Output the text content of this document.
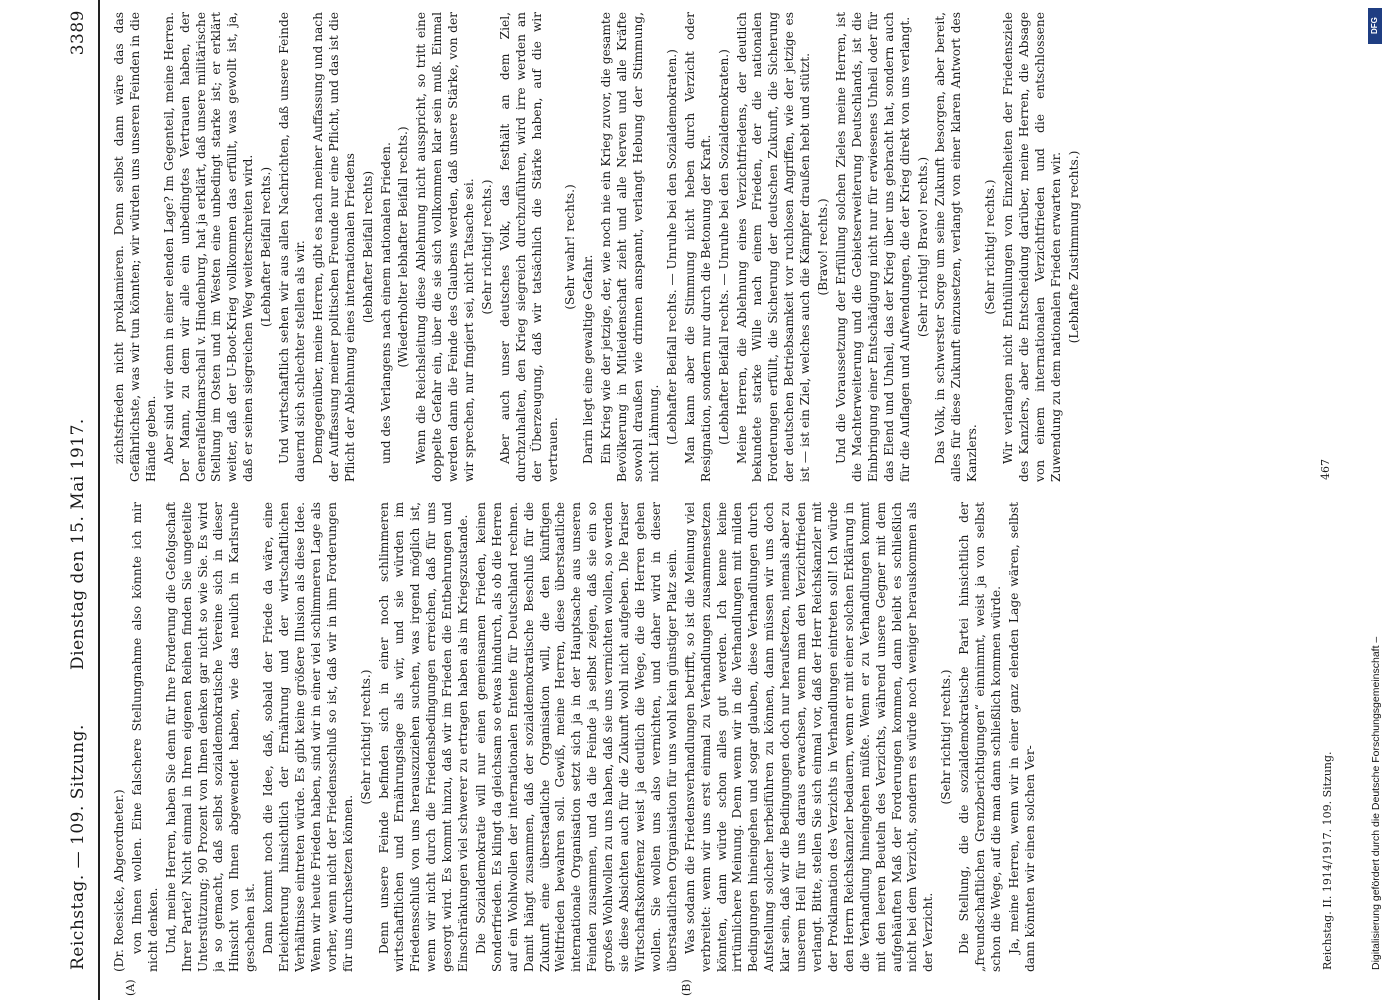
Reichstag. — 109. Sitzung.
Dienstag den 15. Mai 1917.
3389
(A)	(B)

(Dr. Roesicke, Abgeordneter.) von Ihnen wollen. Eine falschere Stellungnahme also könnte ich mir nicht denken. Und, meine Herren, haben Sie denn für Ihre Forderung die Gefolgschaft Ihrer Partei? Nicht einmal in Ihren eigenen Reihen finden Sie ungeteilte Unterstützung; 90 Prozent von Ihnen denken gar nicht so wie Sie. Es wird ja so gemacht, daß selbst sozialdemokratische Vereine sich in dieser Hinsicht von Ihnen abgewendet haben, wie das neulich in Karlsruhe geschehen ist. Dann kommt noch die Idee, daß, sobald der Friede da wäre, eine Erleichterung hinsichtlich der Ernährung und der wirtschaftlichen Verhältnisse eintreten würde. Es gibt keine größere Illusion als diese Idee. Wenn wir heute Frieden haben, sind wir in einer viel schlimmeren Lage als vorher, wenn nicht der Friedensschluß so ist, daß wir in ihm Forderungen für uns durchsetzen können.

(Sehr richtig! rechts.) Denn unsere Feinde befinden sich in einer noch schlimmeren wirtschaftlichen und Ernährungslage als wir, und sie würden im Friedensschluß von uns herauszuziehen suchen, was irgend möglich ist, wenn wir nicht durch die Friedensbedingungen erreichen, daß für uns gesorgt wird. Es kommt hinzu, daß wir im Frieden die Entbehrungen und Einschränkungen viel schwerer zu ertragen haben als im Kriegszustande. Die Sozialdemokratie will nur einen gemeinsamen Frieden, keinen Sonderfrieden. Es klingt da gleichsam so etwas hindurch, als ob die Herren auf ein Wohlwollen der internationalen Entente für Deutschland rechnen. Damit hängt zusammen, daß der sozialdemokratische Beschluß für die Zukunft eine überstaatliche Organisation will, die den künftigen Weltfrieden bewahren soll. Gewiß, meine Herren, diese überstaatliche internationale Organisation setzt sich ja in der Hauptsache aus unseren Feinden zusammen, und da die Feinde ja selbst zeigen, daß sie ein so großes Wohlwollen zu uns haben, daß sie uns vernichten wollen, so werden sie diese Absichten auch für die Zukunft wohl nicht aufgeben. Die Pariser Wirtschaftskonferenz weist ja deutlich die Wege, die die Herren gehen wollen. Sie wollen uns also vernichten, und daher wird in dieser überstaatlichen Organisation für uns wohl kein günstiger Platz sein. Was sodann die Friedensverhandlungen betrifft, so ist die Meinung viel verbreitet: wenn wir uns erst einmal zu Verhandlungen zusammensetzen könnten, dann würde schon alles gut werden. Ich kenne keine irrtümlichere Meinung. Denn wenn wir in die Verhandlungen mit milden Bedingungen hineingehen und sogar glauben, diese Verhandlungen durch Aufstellung solcher herbeiführen zu können, dann müssen wir uns doch klar sein, daß wir die Bedingungen doch nur heraufsetzen, niemals aber zu unserem Heil für uns daraus erwachsen, wenn man den Verzichtfrieden verlangt. Bitte, stellen Sie sich einmal vor, daß der Herr Reichskanzler mit der Proklamation des Verzichts in Verhandlungen eintreten soll! Ich würde den Herrn Reichskanzler bedauern, wenn er mit einer solchen Erklärung in die Verhandlung hineingehen müßte. Wenn er zu Verhandlungen kommt mit den leeren Beuteln des Verzichts, während unsere Gegner mit dem aufgehäuften Maß der Forderungen kommen, dann bleibt es schließlich nicht bei dem Verzicht, sondern es würde noch weniger herauskommen als der Verzicht.

(Sehr richtig! rechts.) Die Stellung, die die sozialdemokratische Partei hinsichtlich der „freundschaftlichen Grenzberichtigungen“ einnimmt, weist ja von selbst schon die Wege, auf die man dann schließlich kommen würde. Ja, meine Herren, wenn wir in einer ganz elenden Lage wären, selbst dann könnten wir einen solchen Ver-

zichtsfrieden nicht proklamieren. Denn selbst dann wäre das das Gefährlichste, was wir tun könnten; wir würden uns unseren Feinden in die Hände geben. Aber sind wir denn in einer elenden Lage? Im Gegenteil, meine Herren. Der Mann, zu dem wir alle ein unbedingtes Vertrauen haben, der Generalfeldmarschall v. Hindenburg, hat ja erklärt, daß unsere militärische Stellung im Osten und im Westen eine unbedingt starke ist; er erklärt weiter, daß der U-Boot-Krieg vollkommen das erfüllt, was gewollt ist, ja, daß er seinen siegreichen Weg weiterschreiten wird. (Lebhafter Beifall rechts.) Und wirtschaftlich sehen wir aus allen Nachrichten, daß unsere Feinde dauernd sich schlechter stellen als wir. Demgegenüber, meine Herren, gibt es nach meiner Auffassung und nach der Auffassung meiner politischen Freunde nur eine Pflicht, und das ist die Pflicht der Ablehnung eines internationalen Friedens (lebhafter Beifall rechts) und des Verlangens nach einem nationalen Frieden. (Wiederholter lebhafter Beifall rechts.) Wenn die Reichsleitung diese Ablehnung nicht ausspricht, so tritt eine doppelte Gefahr ein, über die sie sich vollkommen klar sein muß. Einmal werden dann die Feinde des Glaubens werden, daß unsere Stärke, von der wir sprechen, nur fingiert sei, nicht Tatsache sei. (Sehr richtig! rechts.) Aber auch unser deutsches Volk, das festhält an dem Ziel, durchzuhalten, den Krieg siegreich durchzuführen, wird irre werden an der Überzeugung, daß wir tatsächlich die Stärke haben, auf die wir vertrauen.

(Sehr wahr! rechts.)

Darin liegt eine gewaltige Gefahr. Ein Krieg wie der jetzige, der, wie noch nie ein Krieg zuvor, die gesamte Bevölkerung in Mitleidenschaft zieht und alle Nerven und alle Kräfte sowohl draußen wie drinnen anspannt, verlangt Hebung der Stimmung, nicht Lähmung. (Lebhafter Beifall rechts. — Unruhe bei den Sozialdemokraten.) Man kann aber die Stimmung nicht heben durch Verzicht oder Resignation, sondern nur durch die Betonung der Kraft. (Lebhafter Beifall rechts. — Unruhe bei den Sozialdemokraten.) Meine Herren, die Ablehnung eines Verzichtfriedens, der deutlich bekundete starke Wille nach einem Frieden, der die nationalen Forderungen erfüllt, die Sicherung der deutschen Zukunft, die Sicherung der deutschen Betriebsamkeit vor ruchlosen Angriffen, wie der jetzige es ist — ist ein Ziel, welches auch die Kämpfer draußen hebt und stützt. (Bravo! rechts.) Und die Voraussetzung der Erfüllung solchen Zieles meine Herren, ist die Machterweiterung und die Gebietserweiterung Deutschlands, ist die Einbringung einer Entschädigung nicht nur für erwiesenes Unheil oder für das Elend und Unheil, das der Krieg über uns gebracht hat, sondern auch für die Auflagen und Aufwendungen, die der Krieg direkt von uns verlangt. (Sehr richtig! Bravo! rechts.) Das Volk, in schwerster Sorge um seine Zukunft besorgen, aber bereit, alles für diese Zukunft einzusetzen, verlangt von einer klaren Antwort des Kanzlers.

(Sehr richtig! rechts.) Wir verlangen nicht Enthüllungen von Einzelheiten der Friedensziele des Kanzlers, aber die Entscheidung darüber, meine Herren, die Absage von einem internationalen Verzichtfrieden und die entschlossene Zuwendung zu dem nationalen Frieden erwarten wir. (Lebhafte Zustimmung rechts.)

Reichstag. II. 1914/1917. 109. Sitzung.
467
DFG
Digitalisierung gefördert durch die Deutsche Forschungsgemeinschaft –
